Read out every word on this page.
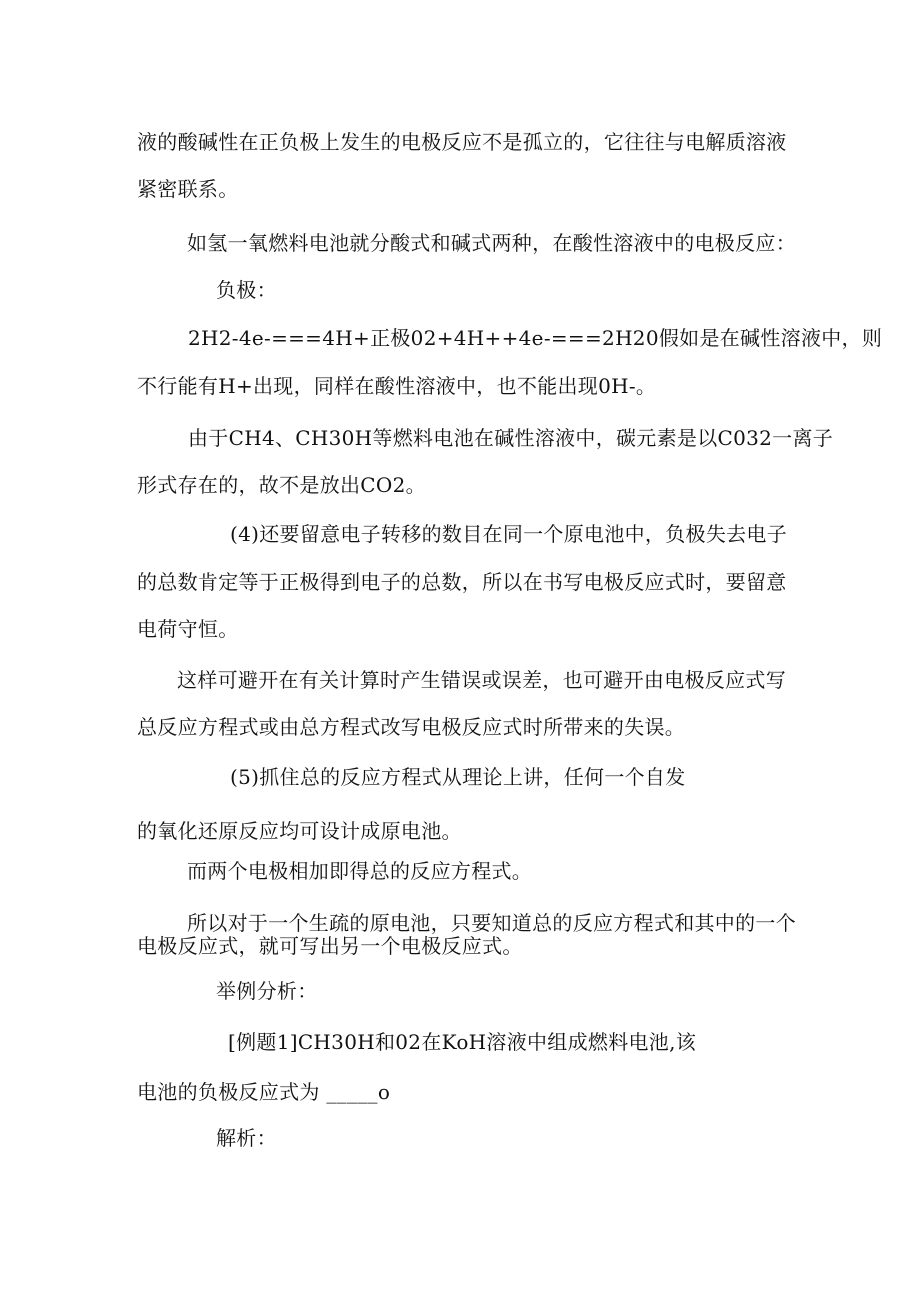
液的酸碱性在正负极上发生的电极反应不是孤立的，它往往与电解质溶液

紧密联系。

如氢一氧燃料电池就分酸式和碱式两种，在酸性溶液中的电极反应：

负极：

2H2-4e-===4H+正极02+4H++4e-===2H20假如是在碱性溶液中，则

不行能有H+出现，同样在酸性溶液中，也不能出现0H-。

由于CH4、CH30H等燃料电池在碱性溶液中，碳元素是以C032一离子

形式存在的，故不是放出CO2。

(4)还要留意电子转移的数目在同一个原电池中，负极失去电子

的总数肯定等于正极得到电子的总数，所以在书写电极反应式时，要留意

电荷守恒。

这样可避开在有关计算时产生错误或误差，也可避开由电极反应式写

总反应方程式或由总方程式改写电极反应式时所带来的失误。

(5)抓住总的反应方程式从理论上讲，任何一个自发

的氧化还原反应均可设计成原电池。

而两个电极相加即得总的反应方程式。

所以对于一个生疏的原电池，只要知道总的反应方程式和其中的一个

电极反应式，就可写出另一个电极反应式。

举例分析：

[例题1]CH30H和02在KoH溶液中组成燃料电池,该

电池的负极反应式为 _____o

解析：
